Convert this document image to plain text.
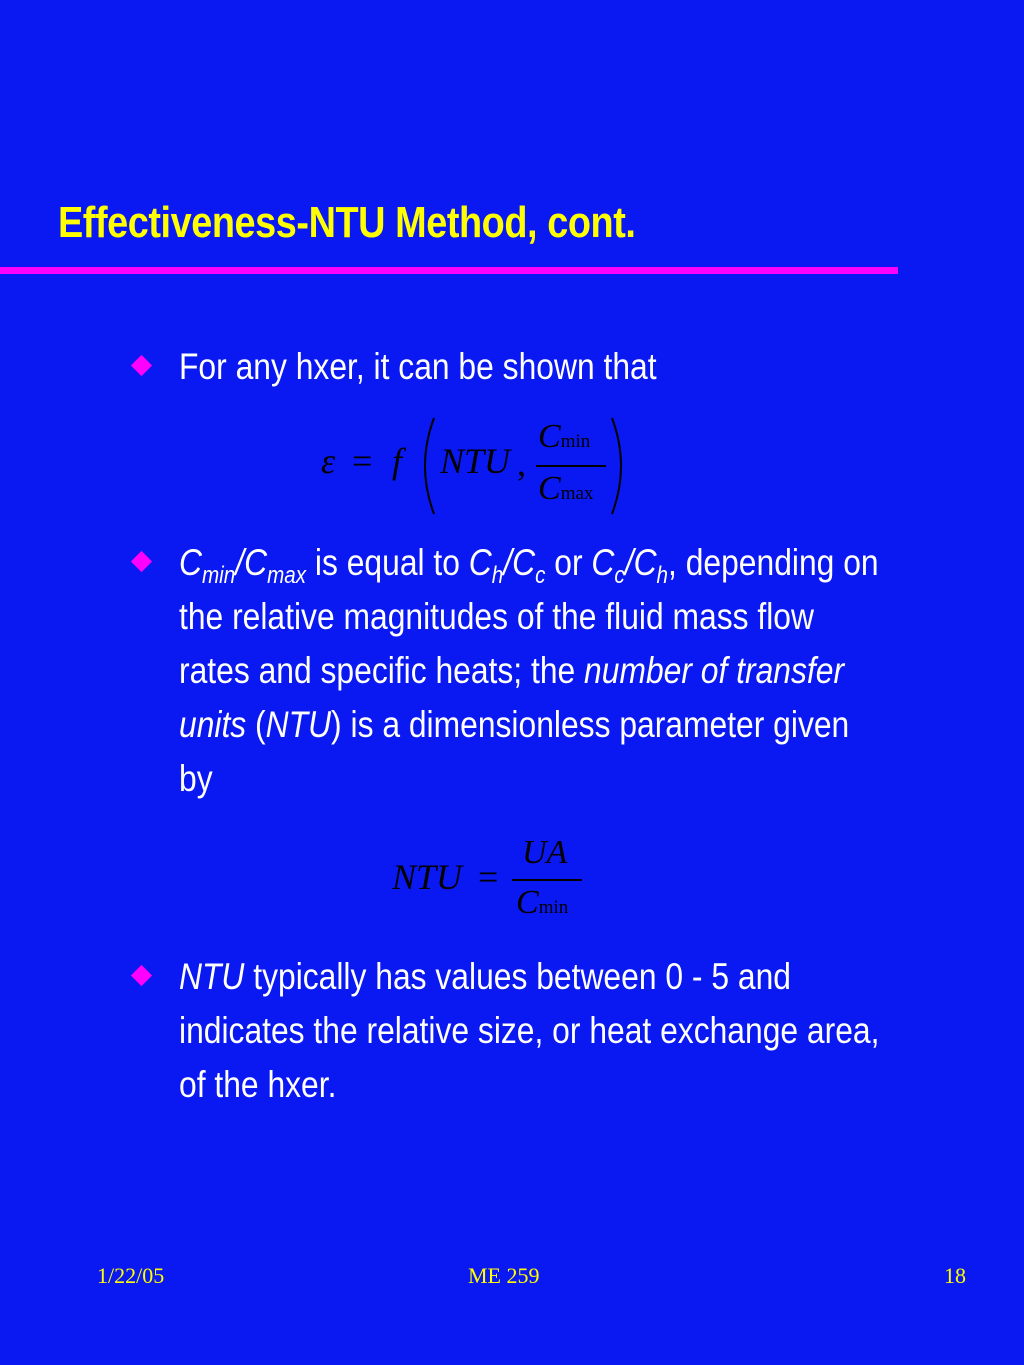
Effectiveness-NTU Method, cont.
For any hxer, it can be shown that
ε = f NTU ,
Cmin
Cmax
$C_{min}/C_{max}$ is equal to $C_h/C_c$ or $C_c/C_h$, depending on the relative magnitudes of the fluid mass flow rates and specific heats; the number of transfer units (NTU) is a dimensionless parameter given by
NTU =
UA
Cmin
NTU typically has values between 0 - 5 and indicates the relative size, or heat exchange area, of the hxer.
1/22/05	ME 259	18
